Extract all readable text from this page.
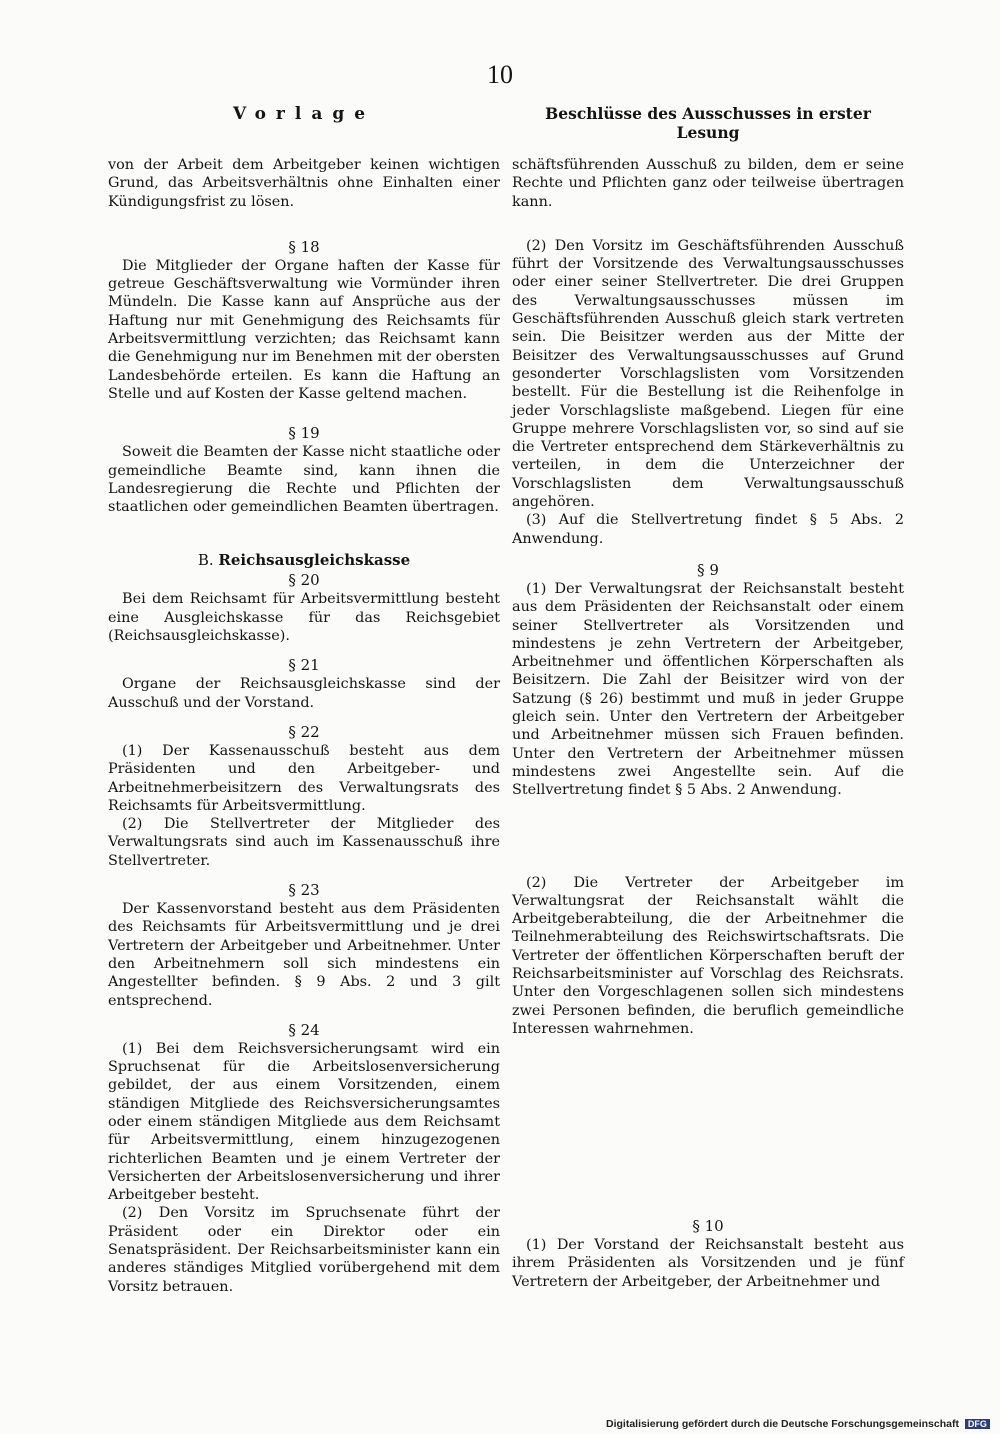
10
Vorlage	Beschlüsse des Ausschusses in erster Lesung

von der Arbeit dem Arbeitgeber keinen wichtigen Grund, das Arbeitsverhältnis ohne Einhalten einer Kündigungsfrist zu lösen.

§ 18

Die Mitglieder der Organe haften der Kasse für getreue Geschäftsverwaltung wie Vormünder ihren Mündeln. Die Kasse kann auf Ansprüche aus der Haftung nur mit Genehmigung des Reichsamts für Arbeitsvermittlung verzichten; das Reichsamt kann die Genehmigung nur im Benehmen mit der obersten Landesbehörde erteilen. Es kann die Haftung an Stelle und auf Kosten der Kasse geltend machen.

§ 19

Soweit die Beamten der Kasse nicht staatliche oder gemeindliche Beamte sind, kann ihnen die Landesregierung die Rechte und Pflichten der staatlichen oder gemeindlichen Beamten übertragen.

B. Reichsausgleichskasse

§ 20

Bei dem Reichsamt für Arbeitsvermittlung besteht eine Ausgleichskasse für das Reichsgebiet (Reichsausgleichskasse).

§ 21

Organe der Reichsausgleichskasse sind der Ausschuß und der Vorstand.

§ 22

(1) Der Kassenausschuß besteht aus dem Präsidenten und den Arbeitgeber- und Arbeitnehmerbeisitzern des Verwaltungsrats des Reichsamts für Arbeitsvermittlung.

(2) Die Stellvertreter der Mitglieder des Verwaltungsrats sind auch im Kassenausschuß ihre Stellvertreter.

§ 23

Der Kassenvorstand besteht aus dem Präsidenten des Reichsamts für Arbeitsvermittlung und je drei Vertretern der Arbeitgeber und Arbeitnehmer. Unter den Arbeitnehmern soll sich mindestens ein Angestellter befinden. § 9 Abs. 2 und 3 gilt entsprechend.

§ 24

(1) Bei dem Reichsversicherungsamt wird ein Spruchsenat für die Arbeitslosenversicherung gebildet, der aus einem Vorsitzenden, einem ständigen Mitgliede des Reichsversicherungsamtes oder einem ständigen Mitgliede aus dem Reichsamt für Arbeitsvermittlung, einem hinzugezogenen richterlichen Beamten und je einem Vertreter der Versicherten der Arbeitslosenversicherung und ihrer Arbeitgeber besteht.

(2) Den Vorsitz im Spruchsenate führt der Präsident oder ein Direktor oder ein Senatspräsident. Der Reichsarbeitsminister kann ein anderes ständiges Mitglied vorübergehend mit dem Vorsitz betrauen.

schäftsführenden Ausschuß zu bilden, dem er seine Rechte und Pflichten ganz oder teilweise übertragen kann.

(2) Den Vorsitz im Geschäftsführenden Ausschuß führt der Vorsitzende des Verwaltungsausschusses oder einer seiner Stellvertreter. Die drei Gruppen des Verwaltungsausschusses müssen im Geschäftsführenden Ausschuß gleich stark vertreten sein. Die Beisitzer werden aus der Mitte der Beisitzer des Verwaltungsausschusses auf Grund gesonderter Vorschlagslisten vom Vorsitzenden bestellt. Für die Bestellung ist die Reihenfolge in jeder Vorschlagsliste maßgebend. Liegen für eine Gruppe mehrere Vorschlagslisten vor, so sind auf sie die Vertreter entsprechend dem Stärkeverhältnis zu verteilen, in dem die Unterzeichner der Vorschlagslisten dem Verwaltungsausschuß angehören.

(3) Auf die Stellvertretung findet § 5 Abs. 2 Anwendung.

§ 9

(1) Der Verwaltungsrat der Reichsanstalt besteht aus dem Präsidenten der Reichsanstalt oder einem seiner Stellvertreter als Vorsitzenden und mindestens je zehn Vertretern der Arbeitgeber, Arbeitnehmer und öffentlichen Körperschaften als Beisitzern. Die Zahl der Beisitzer wird von der Satzung (§ 26) bestimmt und muß in jeder Gruppe gleich sein. Unter den Vertretern der Arbeitgeber und Arbeitnehmer müssen sich Frauen befinden. Unter den Vertretern der Arbeitnehmer müssen mindestens zwei Angestellte sein. Auf die Stellvertretung findet § 5 Abs. 2 Anwendung.

(2) Die Vertreter der Arbeitgeber im Verwaltungsrat der Reichsanstalt wählt die Arbeitgeberabteilung, die der Arbeitnehmer die Teilnehmerabteilung des Reichswirtschaftsrats. Die Vertreter der öffentlichen Körperschaften beruft der Reichsarbeitsminister auf Vorschlag des Reichsrats. Unter den Vorgeschlagenen sollen sich mindestens zwei Personen befinden, die beruflich gemeindliche Interessen wahrnehmen.

§ 10

(1) Der Vorstand der Reichsanstalt besteht aus ihrem Präsidenten als Vorsitzenden und je fünf Vertretern der Arbeitgeber, der Arbeitnehmer und

Digitalisierung gefördert durch die Deutsche Forschungsgemeinschaft DFG
